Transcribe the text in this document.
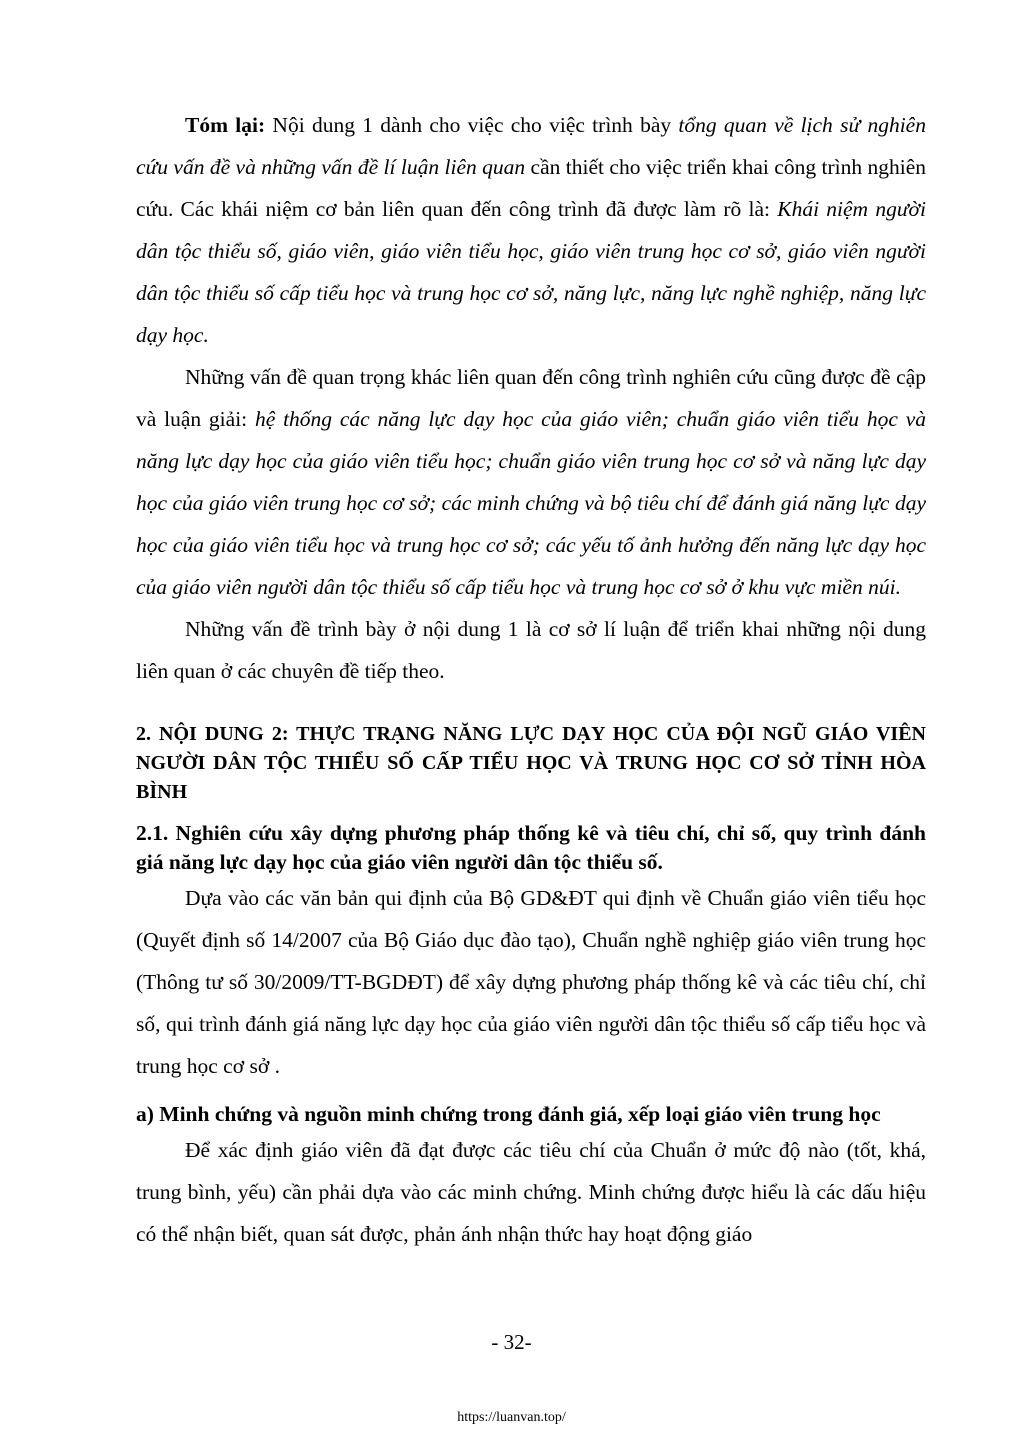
Tóm lại: Nội dung 1 dành cho việc cho việc trình bày tổng quan về lịch sử nghiên cứu vấn đề và những vấn đề lí luận liên quan cần thiết cho việc triển khai công trình nghiên cứu. Các khái niệm cơ bản liên quan đến công trình đã được làm rõ là: Khái niệm người dân tộc thiểu số, giáo viên, giáo viên tiểu học, giáo viên trung học cơ sở, giáo viên người dân tộc thiểu số cấp tiểu học và trung học cơ sở, năng lực, năng lực nghề nghiệp, năng lực dạy học.

Những vấn đề quan trọng khác liên quan đến công trình nghiên cứu cũng được đề cập và luận giải: hệ thống các năng lực dạy học của giáo viên; chuẩn giáo viên tiểu học và năng lực dạy học của giáo viên tiểu học; chuẩn giáo viên trung học cơ sở và năng lực dạy học của giáo viên trung học cơ sở; các minh chứng và bộ tiêu chí để đánh giá năng lực dạy học của giáo viên tiểu học và trung học cơ sở; các yếu tố ảnh hưởng đến năng lực dạy học của giáo viên người dân tộc thiểu số cấp tiểu học và trung học cơ sở ở khu vực miền núi.

Những vấn đề trình bày ở nội dung 1 là cơ sở lí luận để triển khai những nội dung liên quan ở các chuyên đề tiếp theo.

2. NỘI DUNG 2: THỰC TRẠNG NĂNG LỰC DẠY HỌC CỦA ĐỘI NGŨ GIÁO VIÊN NGƯỜI DÂN TỘC THIỂU SỐ CẤP TIỂU HỌC VÀ TRUNG HỌC CƠ SỞ TỈNH HÒA BÌNH
2.1. Nghiên cứu xây dựng phương pháp thống kê và tiêu chí, chỉ số, quy trình đánh giá năng lực dạy học của giáo viên người dân tộc thiểu số.

Dựa vào các văn bản qui định của Bộ GD&ĐT qui định về Chuẩn giáo viên tiểu học (Quyết định số 14/2007 của Bộ Giáo dục đào tạo), Chuẩn nghề nghiệp giáo viên trung học (Thông tư số 30/2009/TT-BGDĐT) để xây dựng phương pháp thống kê và các tiêu chí, chỉ số, qui trình đánh giá năng lực dạy học của giáo viên người dân tộc thiểu số cấp tiểu học và trung học cơ sở .

a) Minh chứng và nguồn minh chứng trong đánh giá, xếp loại giáo viên trung học

Để xác định giáo viên đã đạt được các tiêu chí của Chuẩn ở mức độ nào (tốt, khá, trung bình, yếu) cần phải dựa vào các minh chứng. Minh chứng được hiểu là các dấu hiệu có thể nhận biết, quan sát được, phản ánh nhận thức hay hoạt động giáo

- 32-
https://luanvan.top/
